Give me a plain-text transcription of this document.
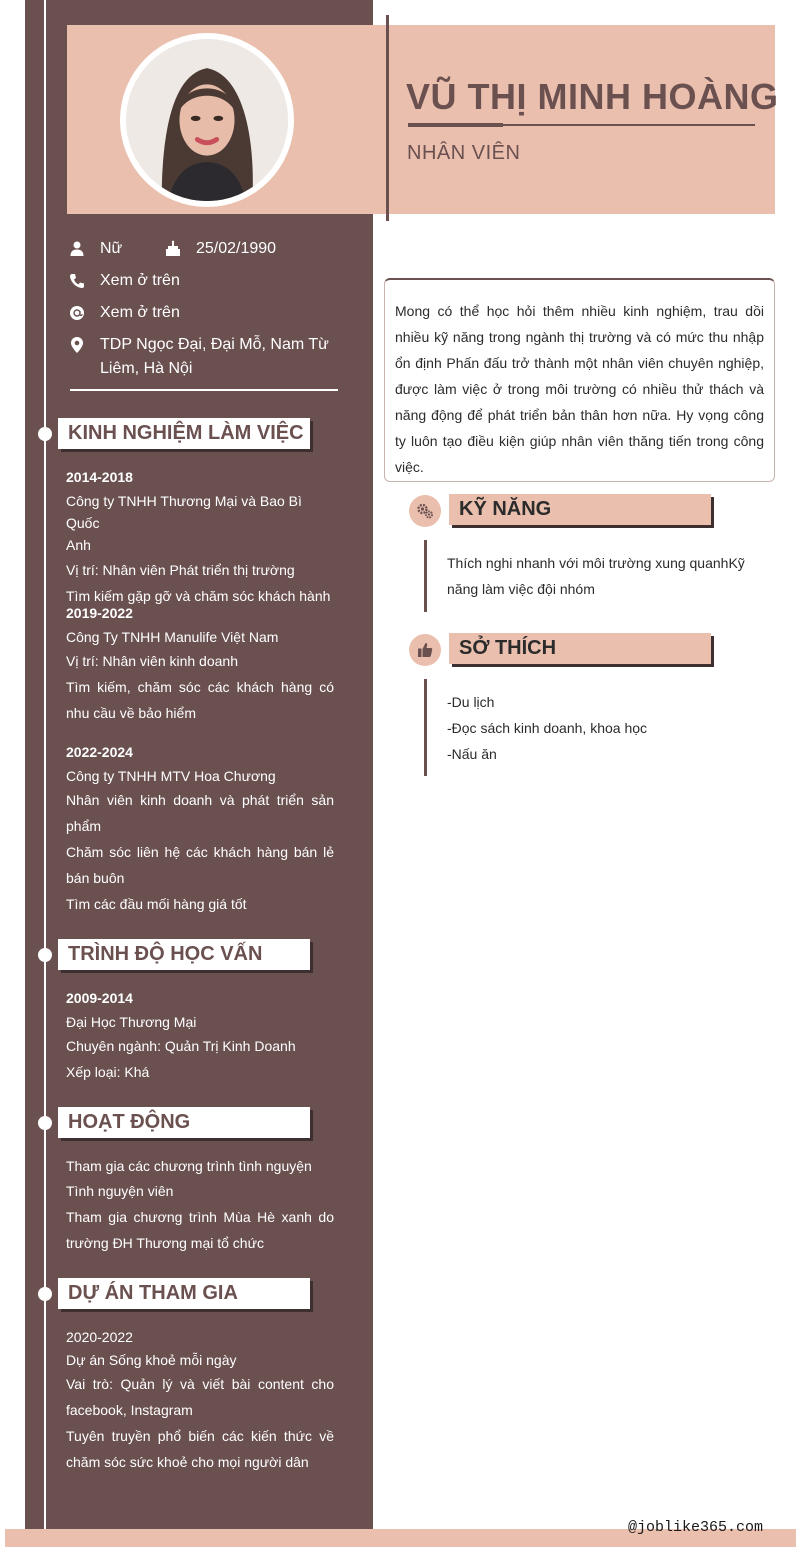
VŨ THỊ MINH HOÀNG
NHÂN VIÊN
Nữ	25/02/1990
Xem ở trên
Xem ở trên
TDP Ngọc Đại, Đại Mỗ, Nam Từ
Liêm, Hà Nội
KINH NGHIỆM LÀM VIỆC
2014-2018
Công ty TNHH Thương Mại và Bao Bì Quốc
Anh
Vị trí: Nhân viên Phát triển thị trường
Tìm kiếm gặp gỡ và chăm sóc khách hành
2019-2022
Công Ty TNHH Manulife Việt Nam
Vị trí: Nhân viên kinh doanh
Tìm kiếm, chăm sóc các khách hàng có nhu cầu về bảo hiểm
2022-2024
Công ty TNHH MTV Hoa Chương
Nhân viên kinh doanh và phát triển sản phẩm
Chăm sóc liên hệ các khách hàng bán lẻ bán buôn
Tìm các đầu mối hàng giá tốt
TRÌNH ĐỘ HỌC VẤN
2009-2014
Đại Học Thương Mại
Chuyên ngành: Quản Trị Kinh Doanh
Xếp loại: Khá
HOẠT ĐỘNG
Tham gia các chương trình tình nguyện
Tình nguyện viên
Tham gia chương trình Mùa Hè xanh do trường ĐH Thương mại tổ chức
DỰ ÁN THAM GIA
2020-2022
Dự án Sống khoẻ mỗi ngày
Vai trò: Quản lý và viết bài content cho facebook, Instagram
Tuyên truyền phổ biến các kiến thức về chăm sóc sức khoẻ cho mọi người dân
Mong có thể học hỏi thêm nhiều kinh nghiệm, trau dồi nhiều kỹ năng trong ngành thị trường và có mức thu nhập ổn định Phấn đấu trở thành một nhân viên chuyên nghiệp, được làm việc ở trong môi trường có nhiều thử thách và năng động để phát triển bản thân hơn nữa. Hy vọng công ty luôn tạo điều kiện giúp nhân viên thăng tiến trong công việc.
KỸ NĂNG
Thích nghi nhanh với môi trường xung quanhKỹ năng làm việc đội nhóm
SỞ THÍCH
-Du lịch
-Đọc sách kinh doanh, khoa học
-Nấu ăn
@joblike365.com
